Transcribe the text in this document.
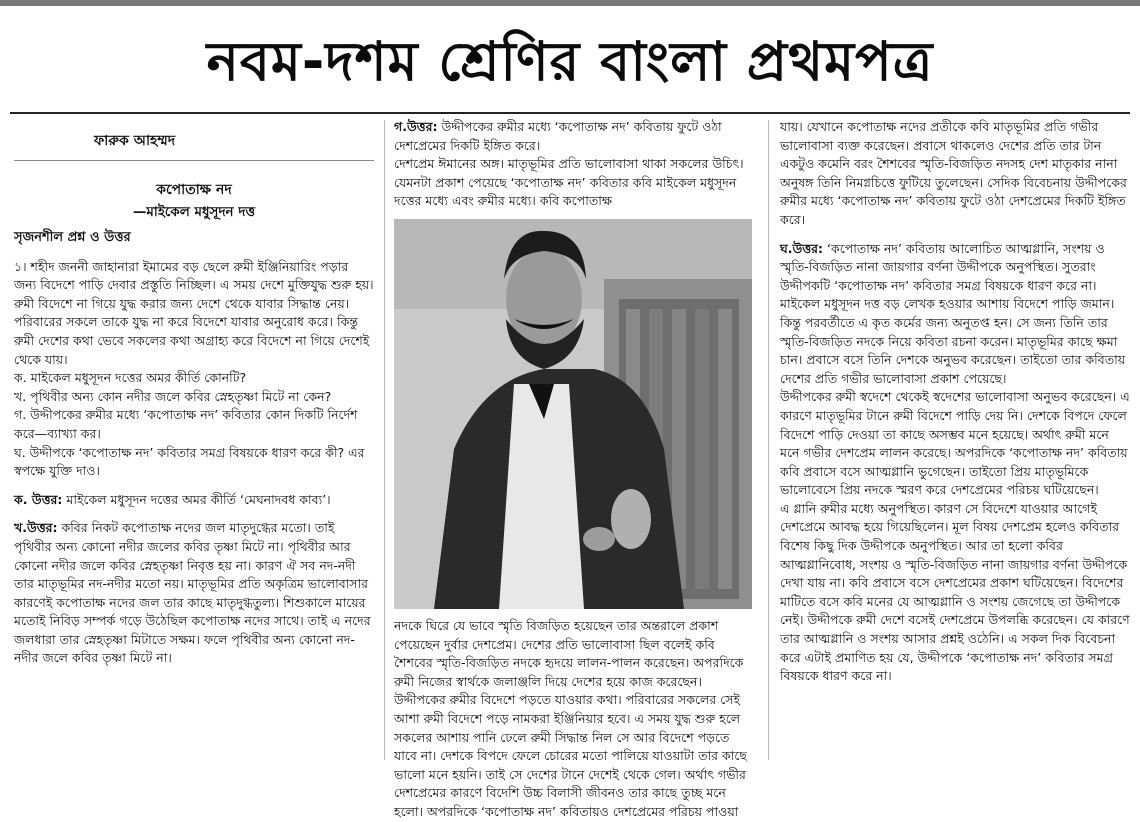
নবম-দশম শ্রেণির বাংলা প্রথমপত্র
ফারুক আহম্মদ
কপোতাক্ষ নদ
—মাইকেল মধুসূদন দত্ত
সৃজনশীল প্রশ্ন ও উত্তর

১। শহীদ জননী জাহানারা ইমামের বড় ছেলে রুমী ইঞ্জিনিয়ারিং পড়ার জন্য বিদেশে পাড়ি দেবার প্রস্তুতি নিচ্ছিল। এ সময় দেশে মুক্তিযুদ্ধ শুরু হয়। রুমী বিদেশে না গিয়ে যুদ্ধ করার জন্য দেশে থেকে যাবার সিদ্ধান্ত নেয়। পরিবারের সকলে তাকে যুদ্ধ না করে বিদেশে যাবার অনুরোধ করে। কিন্তু রুমী দেশের কথা ভেবে সকলের কথা অগ্রাহ্য করে বিদেশে না গিয়ে দেশেই থেকে যায়।

ক. মাইকেল মধুসূদন দত্তের অমর কীর্তি কোনটি?

খ. পৃথিবীর অন্য কোন নদীর জলে কবির স্নেহতৃষ্ণা মিটে না কেন?

গ. উদ্দীপকের রুমীর মধ্যে ‘কপোতাক্ষ নদ’ কবিতার কোন দিকটি নির্দেশ করে—ব্যাখ্যা কর।

ঘ. উদ্দীপকে ‘কপোতাক্ষ নদ’ কবিতার সমগ্র বিষয়কে ধারণ করে কী? এর স্বপক্ষে যুক্তি দাও।

ক. উত্তর: মাইকেল মধুসূদন দত্তের অমর কীর্তি ‘মেঘনাদবধ কাব্য’।

খ.উত্তর: কবির নিকট কপোতাক্ষ নদের জল মাতৃদুগ্ধের মতো। তাই পৃথিবীর অন্য কোনো নদীর জলের কবির তৃষ্ণা মিটে না। পৃথিবীর আর কোনো নদীর জলে কবির স্নেহতৃষ্ণা নিবৃত্ত হয় না। কারণ ঐ সব নদ-নদী তার মাতৃভূমির নদ-নদীর মতো নয়। মাতৃভূমির প্রতি অকৃত্রিম ভালোবাসার কারণেই কপোতাক্ষ নদের জল তার কাছে মাতৃদুগ্ধতুল্য। শিশুকালে মায়ের মতোই নিবিড় সম্পর্ক গড়ে উঠেছিল কপোতাক্ষ নদের সাথে। তাই এ নদের জলধারা তার স্নেহতৃষ্ণা মিটাতে সক্ষম। ফলে পৃথিবীর অন্য কোনো নদ-নদীর জলে কবির তৃষ্ণা মিটে না।

গ.উত্তর: উদ্দীপকের রুমীর মধ্যে ‘কপোতাক্ষ নদ’ কবিতায় ফুটে ওঠা দেশপ্রেমের দিকটি ইঙ্গিত করে।

দেশপ্রেম ঈমানের অঙ্গ। মাতৃভূমির প্রতি ভালোবাসা থাকা সকলের উচিৎ। যেমনটা প্রকাশ পেয়েছে ‘কপোতাক্ষ নদ’ কবিতার কবি মাইকেল মধুসূদন দত্তের মধ্যে এবং রুমীর মধ্যে। কবি কপোতাক্ষ

নদকে ঘিরে যে ভাবে স্মৃতি বিজড়িত হয়েছেন তার অন্তরালে প্রকাশ পেয়েছেন দুর্বার দেশপ্রেম। দেশের প্রতি ভালোবাসা ছিল বলেই কবি শৈশবের স্মৃতি-বিজড়িত নদকে হৃদয়ে লালন-পালন করেছেন। অপরদিকে রুমী নিজের স্বার্থকে জলাঞ্জলি দিয়ে দেশের হয়ে কাজ করেছেন।

উদ্দীপকের রুমীর বিদেশে পড়তে যাওয়ার কথা। পরিবারের সকলের সেই আশা রুমী বিদেশে পড়ে নামকরা ইঞ্জিনিয়ার হবে। এ সময় যুদ্ধ শুরু হলে সকলের আশায় পানি ঢেলে রুমী সিদ্ধান্ত নিল সে আর বিদেশে পড়তে যাবে না। দেশকে বিপদে ফেলে চোরের মতো পালিয়ে যাওয়াটা তার কাছে ভালো মনে হয়নি। তাই সে দেশের টানে দেশেই থেকে গেল। অর্থাৎ গভীর দেশপ্রেমের কারণে বিদেশি উচ্চ বিলাসী জীবনও তার কাছে তুচ্ছ মনে হলো। অপরদিকে ‘কপোতাক্ষ নদ’ কবিতায়ও দেশপ্রেমের পরিচয় পাওয়া

যায়। যেখানে কপোতাক্ষ নদের প্রতীকে কবি মাতৃভূমির প্রতি গভীর ভালোবাসা ব্যক্ত করেছেন। প্রবাসে থাকলেও দেশের প্রতি তার টান একটুও কমেনি বরং শৈশবের স্মৃতি-বিজড়িত নদসহ দেশ মাতৃকার নানা অনুষঙ্গ তিনি নিমগ্নচিত্তে ফুটিয়ে তুলেছেন। সেদিক বিবেচনায় উদ্দীপকের রুমীর মধ্যে ‘কপোতাক্ষ নদ’ কবিতায় ফুটে ওঠা দেশপ্রেমের দিকটি ইঙ্গিত করে।

ঘ.উত্তর: ‘কপোতাক্ষ নদ’ কবিতায় আলোচিত আত্মগ্লানি, সংশয় ও স্মৃতি-বিজড়িত নানা জায়গার বর্ণনা উদ্দীপকে অনুপস্থিত। সুতরাং উদ্দীপকটি ‘কপোতাক্ষ নদ’ কবিতার সমগ্র বিষয়কে ধারণ করে না। মাইকেল মধুসূদন দত্ত বড় লেখক হওয়ার আশায় বিদেশে পাড়ি জমান। কিন্তু পরবর্তীতে এ কৃত কর্মের জন্য অনুতপ্ত হন। সে জন্য তিনি তার স্মৃতি-বিজড়িত নদকে নিয়ে কবিতা রচনা করেন। মাতৃভূমির কাছে ক্ষমা চান। প্রবাসে বসে তিনি দেশকে অনুভব করেছেন। তাইতো তার কবিতায় দেশের প্রতি গভীর ভালোবাসা প্রকাশ পেয়েছে।

উদ্দীপকের রুমী স্বদেশে থেকেই স্বদেশের ভালোবাসা অনুভব করেছেন। এ কারণে মাতৃভূমির টানে রুমী বিদেশে পাড়ি দেয় নি। দেশকে বিপদে ফেলে বিদেশে পাড়ি দেওয়া তা কাছে অসম্ভব মনে হয়েছে। অর্থাৎ রুমী মনে মনে গভীর দেশপ্রেম লালন করেছে। অপরদিকে ‘কপোতাক্ষ নদ’ কবিতায় কবি প্রবাসে বসে আত্মগ্লানি ভুগেছেন। তাইতো প্রিয় মাতৃভূমিকে ভালোবেসে প্রিয় নদকে স্মরণ করে দেশপ্রেমের পরিচয় ঘটিয়েছেন।

এ গ্লানি রুমীর মধ্যে অনুপস্থিত। কারণ সে বিদেশে যাওয়ার আগেই দেশপ্রেমে আবদ্ধ হয়ে গিয়েছিলেন। মূল বিষয় দেশপ্রেম হলেও কবিতার বিশেষ কিছু দিক উদ্দীপকে অনুপস্থিত। আর তা হলো কবির আত্মগ্লানিবোধ, সংশয় ও স্মৃতি-বিজড়িত নানা জায়গার বর্ণনা উদ্দীপকে দেখা যায় না। কবি প্রবাসে বসে দেশপ্রেমের প্রকাশ ঘটিয়েছেন। বিদেশের মাটিতে বসে কবি মনের যে আত্মগ্লানি ও সংশয় জেগেছে তা উদ্দীপকে নেই। উদ্দীপকে রুমী দেশে বসেই দেশপ্রেমে উপলব্ধি করেছেন। যে কারণে তার আত্মগ্লানি ও সংশয় আসার প্রশ্নই ওঠেনি। এ সকল দিক বিবেচনা করে এটাই প্রমাণিত হয় যে, উদ্দীপকে ‘কপোতাক্ষ নদ’ কবিতার সমগ্র বিষয়কে ধারণ করে না।
